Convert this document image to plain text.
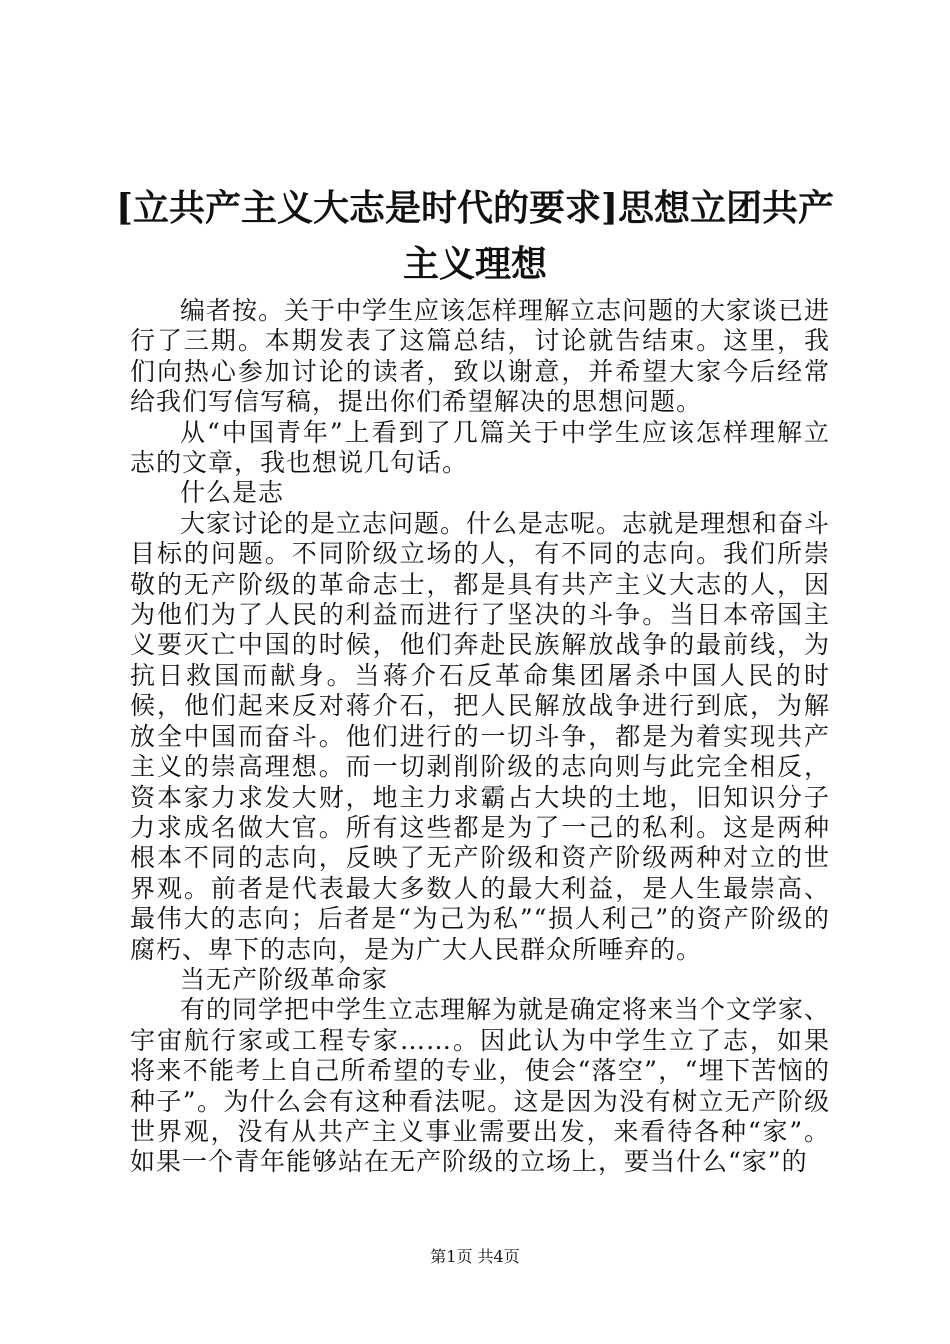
[立共产主义大志是时代的要求]思想立团共产主义理想

编者按。关于中学生应该怎样理解立志问题的大家谈已进行了三期。本期发表了这篇总结，讨论就告结束。这里，我们向热心参加讨论的读者，致以谢意，并希望大家今后经常给我们写信写稿，提出你们希望解决的思想问题。

从“中国青年”上看到了几篇关于中学生应该怎样理解立志的文章，我也想说几句话。

什么是志

大家讨论的是立志问题。什么是志呢。志就是理想和奋斗目标的问题。不同阶级立场的人，有不同的志向。我们所崇敬的无产阶级的革命志士，都是具有共产主义大志的人，因为他们为了人民的利益而进行了坚决的斗争。当日本帝国主义要灭亡中国的时候，他们奔赴民族解放战争的最前线，为抗日救国而献身。当蒋介石反革命集团屠杀中国人民的时候，他们起来反对蒋介石，把人民解放战争进行到底，为解放全中国而奋斗。他们进行的一切斗争，都是为着实现共产主义的崇高理想。而一切剥削阶级的志向则与此完全相反，资本家力求发大财，地主力求霸占大块的土地，旧知识分子力求成名做大官。所有这些都是为了一己的私利。这是两种根本不同的志向，反映了无产阶级和资产阶级两种对立的世界观。前者是代表最大多数人的最大利益，是人生最崇高、最伟大的志向；后者是“为己为私”“损人利己”的资产阶级的腐朽、卑下的志向，是为广大人民群众所唾弃的。

当无产阶级革命家

有的同学把中学生立志理解为就是确定将来当个文学家、宇宙航行家或工程专家……。因此认为中学生立了志，如果将来不能考上自己所希望的专业，使会“落空”，“埋下苦恼的种子”。为什么会有这种看法呢。这是因为没有树立无产阶级世界观，没有从共产主义事业需要出发，来看待各种“家”。如果一个青年能够站在无产阶级的立场上，要当什么“家”的

第1页 共4页
